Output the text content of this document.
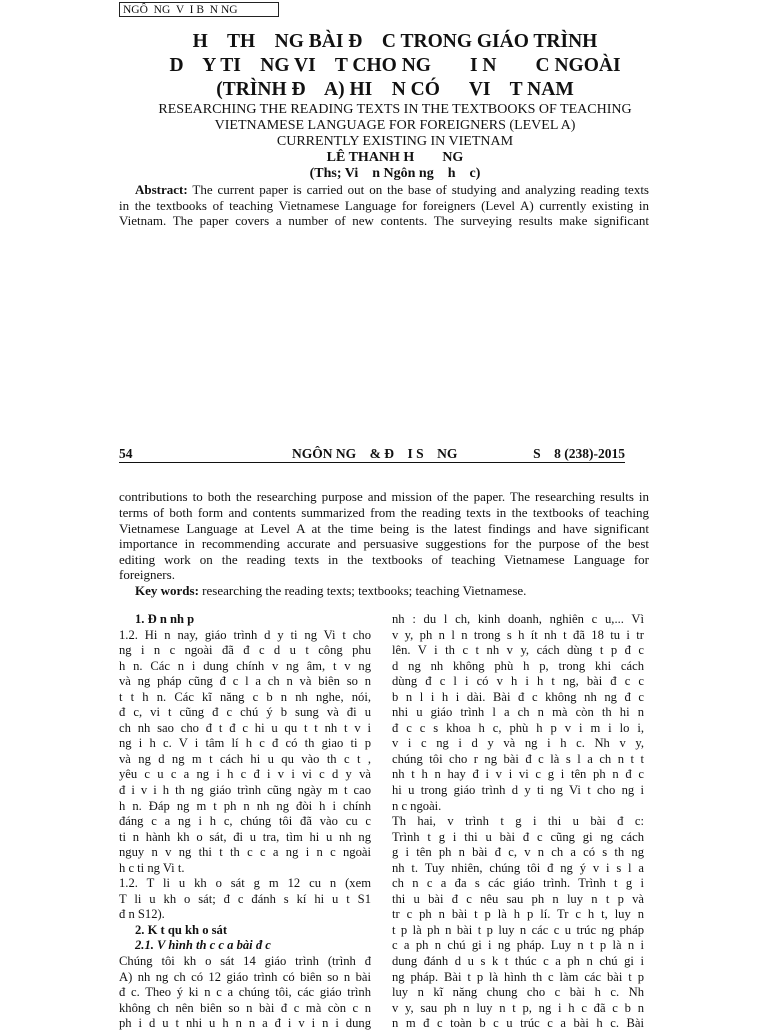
NGÔ  NG  V  I B  N NG
H    TH    NG BÀI Đ    C TRONG GIÁO TRÌNH
D    Y TI    NG VI    T CHO NG        I N        C NGOÀI
(TRÌNH Đ    A) HI    N CÓ      VI    T NAM
RESEARCHING THE READING TEXTS IN THE TEXTBOOKS OF TEACHING
VIETNAMESE LANGUAGE FOR FOREIGNERS (LEVEL A)
CURRENTLY EXISTING IN VIETNAM
LÊ THANH H        NG
(Ths; Vi    n Ngôn ng    h    c)
Abstract: The current paper is carried out on the base of studying and analyzing reading texts
in the textbooks of teaching Vietnamese Language for foreigners (Level A) currently existing in
Vietnam. The paper covers a number of new contents. The surveying results make significant
54	NGÔN NG    & Đ    I S    NG	S    8 (238)-2015
contributions to both the researching purpose and mission of the paper. The researching results in
terms of both form and contents summarized from the reading texts in the textbooks of teaching
Vietnamese Language at Level A at the time being is the latest findings and have significant
importance in recommending accurate and persuasive suggestions for the purpose of the best
editing work on the reading texts in the textbooks of teaching Vietnamese Language for
foreigners.
Key words: researching the reading texts; textbooks; teaching Vietnamese.
1. Đ n nh p
1.2. Hi n nay, giáo trình d y ti ng Vi t cho
ng i n c ngoài đã đ c d u t công phu
h n. Các n i dung chính v ng âm, t v ng
và ng pháp cũng đ c l a ch n và biên so n
t t h n. Các kĩ năng c b n nh nghe, nói,
đ c, vi t cũng đ c chú ý b sung và đi u
ch nh sao cho đ t đ c hi u qu t t nh t v i
ng i h c. V i tâm lí h c đ có th giao ti p
và ng d ng m t cách hi u qu vào th c t ,
yêu c u c a ng i h c đ i v i vi c d y và
đ i v i h th ng giáo trình cũng ngày m t cao
h n. Đáp ng m t ph n nh ng đòi h i chính
đáng c a ng i h c, chúng tôi đã vào cu c
ti n hành kh o sát, đi u tra, tìm hi u nh ng
nguy n v ng thi t th c c a ng i n c ngoài
h c ti ng Vi t.
1.2. T li u kh o sát g m 12 cu n (xem
T li u kh o sát; đ c đánh s kí hi u t S1
đ n S12).
2. K t qu kh o sát
2.1. V hình th c c a bài đ c
Chúng tôi kh o sát 14 giáo trình (trình đ
A) nh ng ch có 12 giáo trình có biên so n bài
đ c. Theo ý ki n c a chúng tôi, các giáo trình
không ch nên biên so n bài đ c mà còn c n
ph i d u t nhi u h n n a đ i v i n i dung
nh : du l ch, kinh doanh, nghiên c u,... Vì
v y, ph n l n trong s h ít nh t đã 18 tu i tr
lên. V i th c t nh v y, cách dùng t p đ c
d ng nh không phù h p, trong khi cách
dùng đ c l i có v h i h t ng, bài đ c c
b n l i h i dài. Bài đ c không nh ng đ c
nhi u giáo trình l a ch n mà còn th hi n
đ c c s khoa h c, phù h p v i m i lo i,
v i c ng i d y và ng i h c. Nh v y,
chúng tôi cho r ng bài đ c là s l a ch n t t
nh t h n hay đ i v i vi c g i tên ph n đ c
hi u trong giáo trình d y ti ng Vi t cho ng i
n c ngoài.
Th hai, v trình t g i thi u bài đ c:
Trình t g i thi u bài đ c cũng gi ng cách
g i tên ph n bài đ c, v n ch a có s th ng
nh t. Tuy nhiên, chúng tôi đ ng ý v i s l a
ch n c a đa s các giáo trình. Trình t g i
thi u bài đ c nêu sau ph n luy n t p và
tr c ph n bài t p là h p lí. Tr c h t, luy n
t p là ph n bài t p luy n các c u trúc ng pháp
c a ph n chú gi i ng pháp. Luy n t p là n i
dung đánh d u s k t thúc c a ph n chú gi i
ng pháp. Bài t p là hình th c làm các bài t p
luy n kĩ năng chung cho c bài h c. Nh
v y, sau ph n luy n t p, ng i h c đã c b n
n m đ c toàn b c u trúc c a bài h c. Bài
